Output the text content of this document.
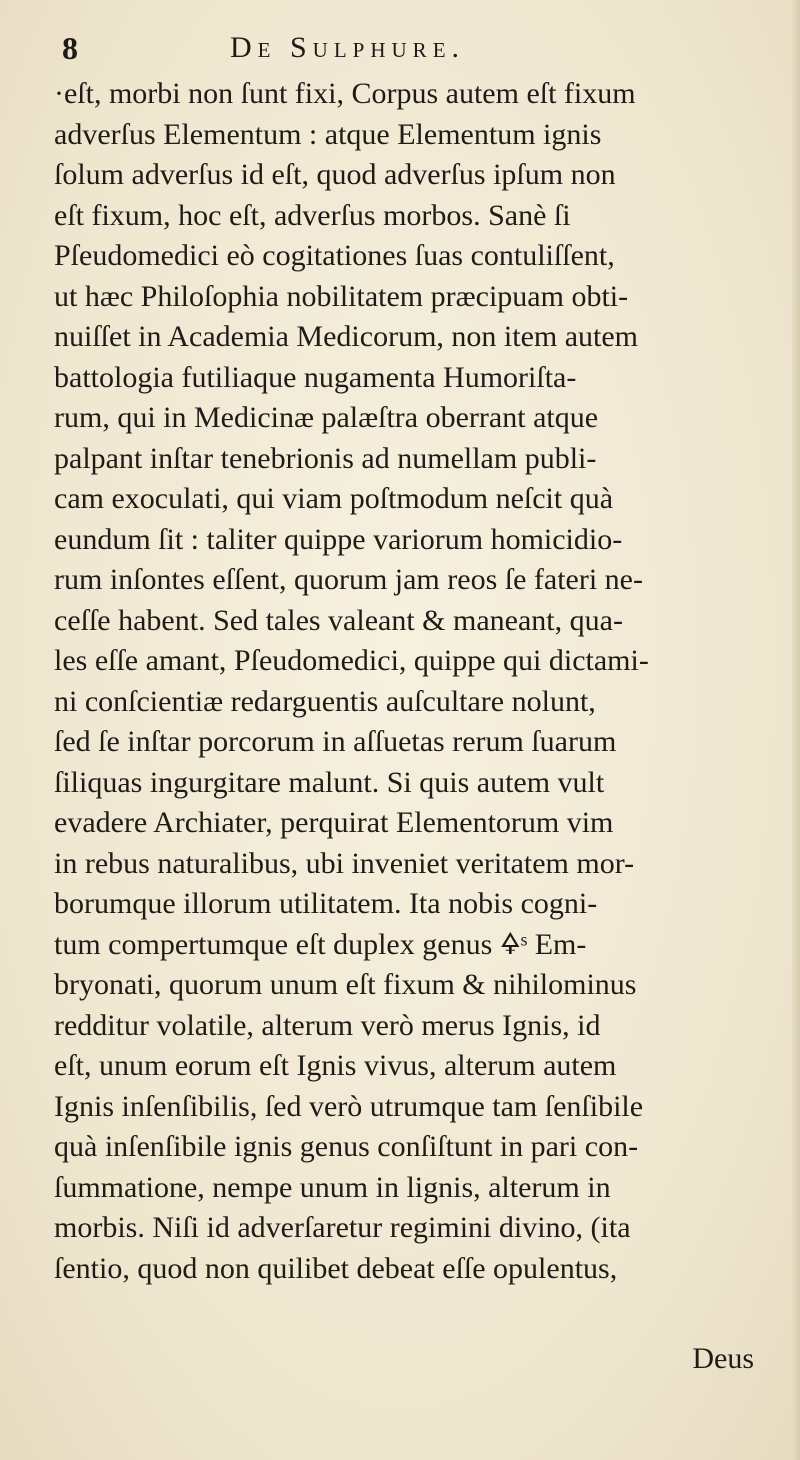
8	De Sulphure.
·eſt, morbi non ſunt fixi, Corpus autem eſt fixum
adverſus Elementum : atque Elementum ignis
ſolum adverſus id eſt, quod adverſus ipſum non
eſt fixum, hoc eſt, adverſus morbos. Sanè ſi
Pſeudomedici eò cogitationes ſuas contuliſſent,
ut hæc Philoſophia nobilitatem præcipuam obti-
nuiſſet in Academia Medicorum, non item autem
battologia futiliaque nugamenta Humoriſta-
rum, qui in Medicinæ palæſtra oberrant atque
palpant inſtar tenebrionis ad numellam publi-
cam exoculati, qui viam poſtmodum neſcit quà
eundum ſit : taliter quippe variorum homicidio-
rum inſontes eſſent, quorum jam reos ſe fateri ne-
ceſſe habent. Sed tales valeant & maneant, qua-
les eſſe amant, Pſeudomedici, quippe qui dictami-
ni conſcientiæ redarguentis auſcultare nolunt,
ſed ſe inſtar porcorum in aſſuetas rerum ſuarum
ſiliquas ingurgitare malunt. Si quis autem vult
evadere Archiater, perquirat Elementorum vim
in rebus naturalibus, ubi inveniet veritatem mor-
borumque illorum utilitatem. Ita nobis cogni-
tum compertumque eſt duplex genus 🜍ˢ Em-
bryonati, quorum unum eſt fixum & nihilominus
redditur volatile, alterum verò merus Ignis, id
eſt, unum eorum eſt Ignis vivus, alterum autem
Ignis inſenſibilis, ſed verò utrumque tam ſenſibile
quà inſenſibile ignis genus conſiſtunt in pari con-
ſummatione, nempe unum in lignis, alterum in
morbis. Niſi id adverſaretur regimini divino, (ita
ſentio, quod non quilibet debeat eſſe opulentus,
Deus
